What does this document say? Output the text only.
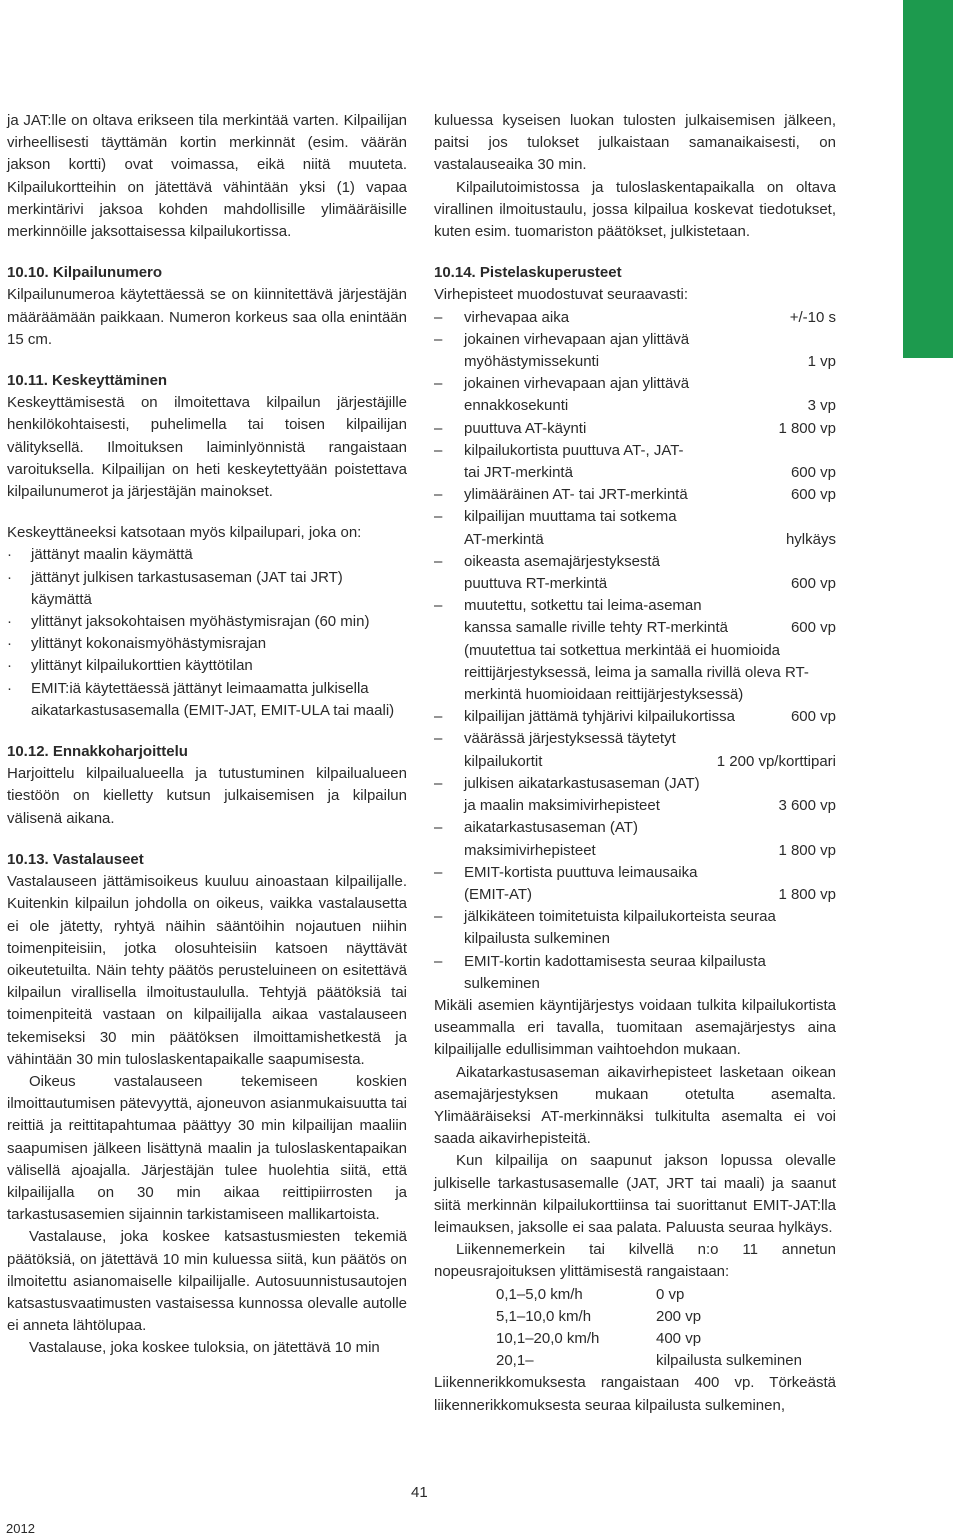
ja JAT:lle on oltava erikseen tila merkintää varten. Kilpailijan virheellisesti täyttämän kortin merkinnät (esim. väärän jakson kortti) ovat voimassa, eikä niitä muuteta. Kilpailukortteihin on jätettävä vähintään yksi (1) vapaa merkintärivi jaksoa kohden mahdollisille ylimääräisille merkinnöille jaksottaisessa kilpailukortissa.

10.10. Kilpailunumero

Kilpailunumeroa käytettäessä se on kiinnitettävä järjestäjän määräämään paikkaan. Numeron korkeus saa olla enintään 15 cm.

10.11. Keskeyttäminen

Keskeyttämisestä on ilmoitettava kilpailun järjestäjille henkilökohtaisesti, puhelimella tai toisen kilpailijan välityksellä. Ilmoituksen laiminlyönnistä rangaistaan varoituksella. Kilpailijan on heti keskeytettyään poistettava kilpailunumerot ja järjestäjän mainokset.

Keskeyttäneeksi katsotaan myös kilpailupari, joka on:

· jättänyt maalin käymättä
· jättänyt julkisen tarkastusaseman (JAT tai JRT) käymättä
· ylittänyt jaksokohtaisen myöhästymisrajan (60 min)
· ylittänyt kokonaismyöhästymisrajan
· ylittänyt kilpailukorttien käyttötilan
· EMIT:iä käytettäessä jättänyt leimaamatta julkisella aikatarkastusasemalla (EMIT-JAT, EMIT-ULA tai maali)
10.12. Ennakkoharjoittelu

Harjoittelu kilpailualueella ja tutustuminen kilpailualueen tiestöön on kielletty kutsun julkaisemisen ja kilpailun välisenä aikana.

10.13. Vastalauseet

Vastalauseen jättämisoikeus kuuluu ainoastaan kilpailijalle. Kuitenkin kilpailun johdolla on oikeus, vaikka vastalausetta ei ole jätetty, ryhtyä näihin sääntöihin nojautuen niihin toimenpiteisiin, jotka olosuhteisiin katsoen näyttävät oikeutetuilta. Näin tehty päätös perusteluineen on esitettävä kilpailun virallisella ilmoitustaululla. Tehtyjä päätöksiä tai toimenpiteitä vastaan on kilpailijalla aikaa vastalauseen tekemiseksi 30 min päätöksen ilmoittamishetkestä ja vähintään 30 min tuloslaskentapaikalle saapumisesta.

Oikeus vastalauseen tekemiseen koskien ilmoittautumisen pätevyyttä, ajoneuvon asianmukaisuutta tai reittiä ja reittitapahtumaa päättyy 30 min kilpailijan maaliin saapumisen jälkeen lisättynä maalin ja tuloslaskentapaikan välisellä ajoajalla. Järjestäjän tulee huolehtia siitä, että kilpailijalla on 30 min aikaa reittipiirrosten ja tarkastusasemien sijainnin tarkistamiseen mallikartoista.

Vastalause, joka koskee katsastusmiesten tekemiä päätöksiä, on jätettävä 10 min kuluessa siitä, kun päätös on ilmoitettu asianomaiselle kilpailijalle. Autosuunnistusautojen katsastusvaatimusten vastaisessa kunnossa olevalle autolle ei anneta lähtölupaa.

Vastalause, joka koskee tuloksia, on jätettävä 10 min

kuluessa kyseisen luokan tulosten julkaisemisen jälkeen, paitsi jos tulokset julkaistaan samanaikaisesti, on vastalauseaika 30 min.

Kilpailutoimistossa ja tuloslaskentapaikalla on oltava virallinen ilmoitustaulu, jossa kilpailua koskevat tiedotukset, kuten esim. tuomariston päätökset, julkistetaan.

10.14. Pistelaskuperusteet

Virhepisteet muodostuvat seuraavasti:

– virhevapaa aika	+/-10 s
– jokainen virhevapaan ajan ylittävä
myöhästymissekunti	1 vp
– jokainen virhevapaan ajan ylittävä
ennakkosekunti	3 vp
– puuttuva AT-käynti	1 800 vp
– kilpailukortista puuttuva AT-, JAT-
tai JRT-merkintä	600 vp
– ylimääräinen AT- tai JRT-merkintä	600 vp
– kilpailijan muuttama tai sotkema
AT-merkintä	hylkäys
– oikeasta asemajärjestyksestä
puuttuva RT-merkintä	600 vp
– muutettu, sotkettu tai leima-aseman
kanssa samalle riville tehty RT-merkintä	600 vp
(muutettua tai sotkettua merkintää ei huomioida reittijärjestyksessä, leima ja samalla rivillä oleva RT-merkintä huomioidaan reittijärjestyksessä)
– kilpailijan jättämä tyhjärivi kilpailukortissa	600 vp
– väärässä järjestyksessä täytetyt
kilpailukortit	1 200 vp/korttipari
– julkisen aikatarkastusaseman (JAT)
ja maalin maksimivirhepisteet	3 600 vp
– aikatarkastusaseman (AT)
maksimivirhepisteet	1 800 vp
– EMIT-kortista puuttuva leimausaika
(EMIT-AT)	1 800 vp
– jälkikäteen toimitetuista kilpailukorteista seuraa kilpailusta sulkeminen
– EMIT-kortin kadottamisesta seuraa kilpailusta sulkeminen

Mikäli asemien käyntijärjestys voidaan tulkita kilpailukortista useammalla eri tavalla, tuomitaan asemajärjestys aina kilpailijalle edullisimman vaihtoehdon mukaan.

Aikatarkastusaseman aikavirhepisteet lasketaan oikean asemajärjestyksen mukaan otetulta asemalta. Ylimääräiseksi AT-merkinnäksi tulkitulta asemalta ei voi saada aikavirhepisteitä.

Kun kilpailija on saapunut jakson lopussa olevalle julkiselle tarkastusasemalle (JAT, JRT tai maali) ja saanut siitä merkinnän kilpailukorttiinsa tai suorittanut EMIT-JAT:lla leimauksen, jaksolle ei saa palata. Paluusta seuraa hylkäys.

Liikennemerkein tai kilvellä n:o 11 annetun nopeusrajoituksen ylittämisestä rangaistaan:

0,1–5,0 km/h	0 vp
5,1–10,0 km/h	200 vp
10,1–20,0 km/h	400 vp
20,1–	kilpailusta sulkeminen

Liikennerikkomuksesta rangaistaan 400 vp. Törkeästä liikennerikkomuksesta seuraa kilpailusta sulkeminen,

41
2012
